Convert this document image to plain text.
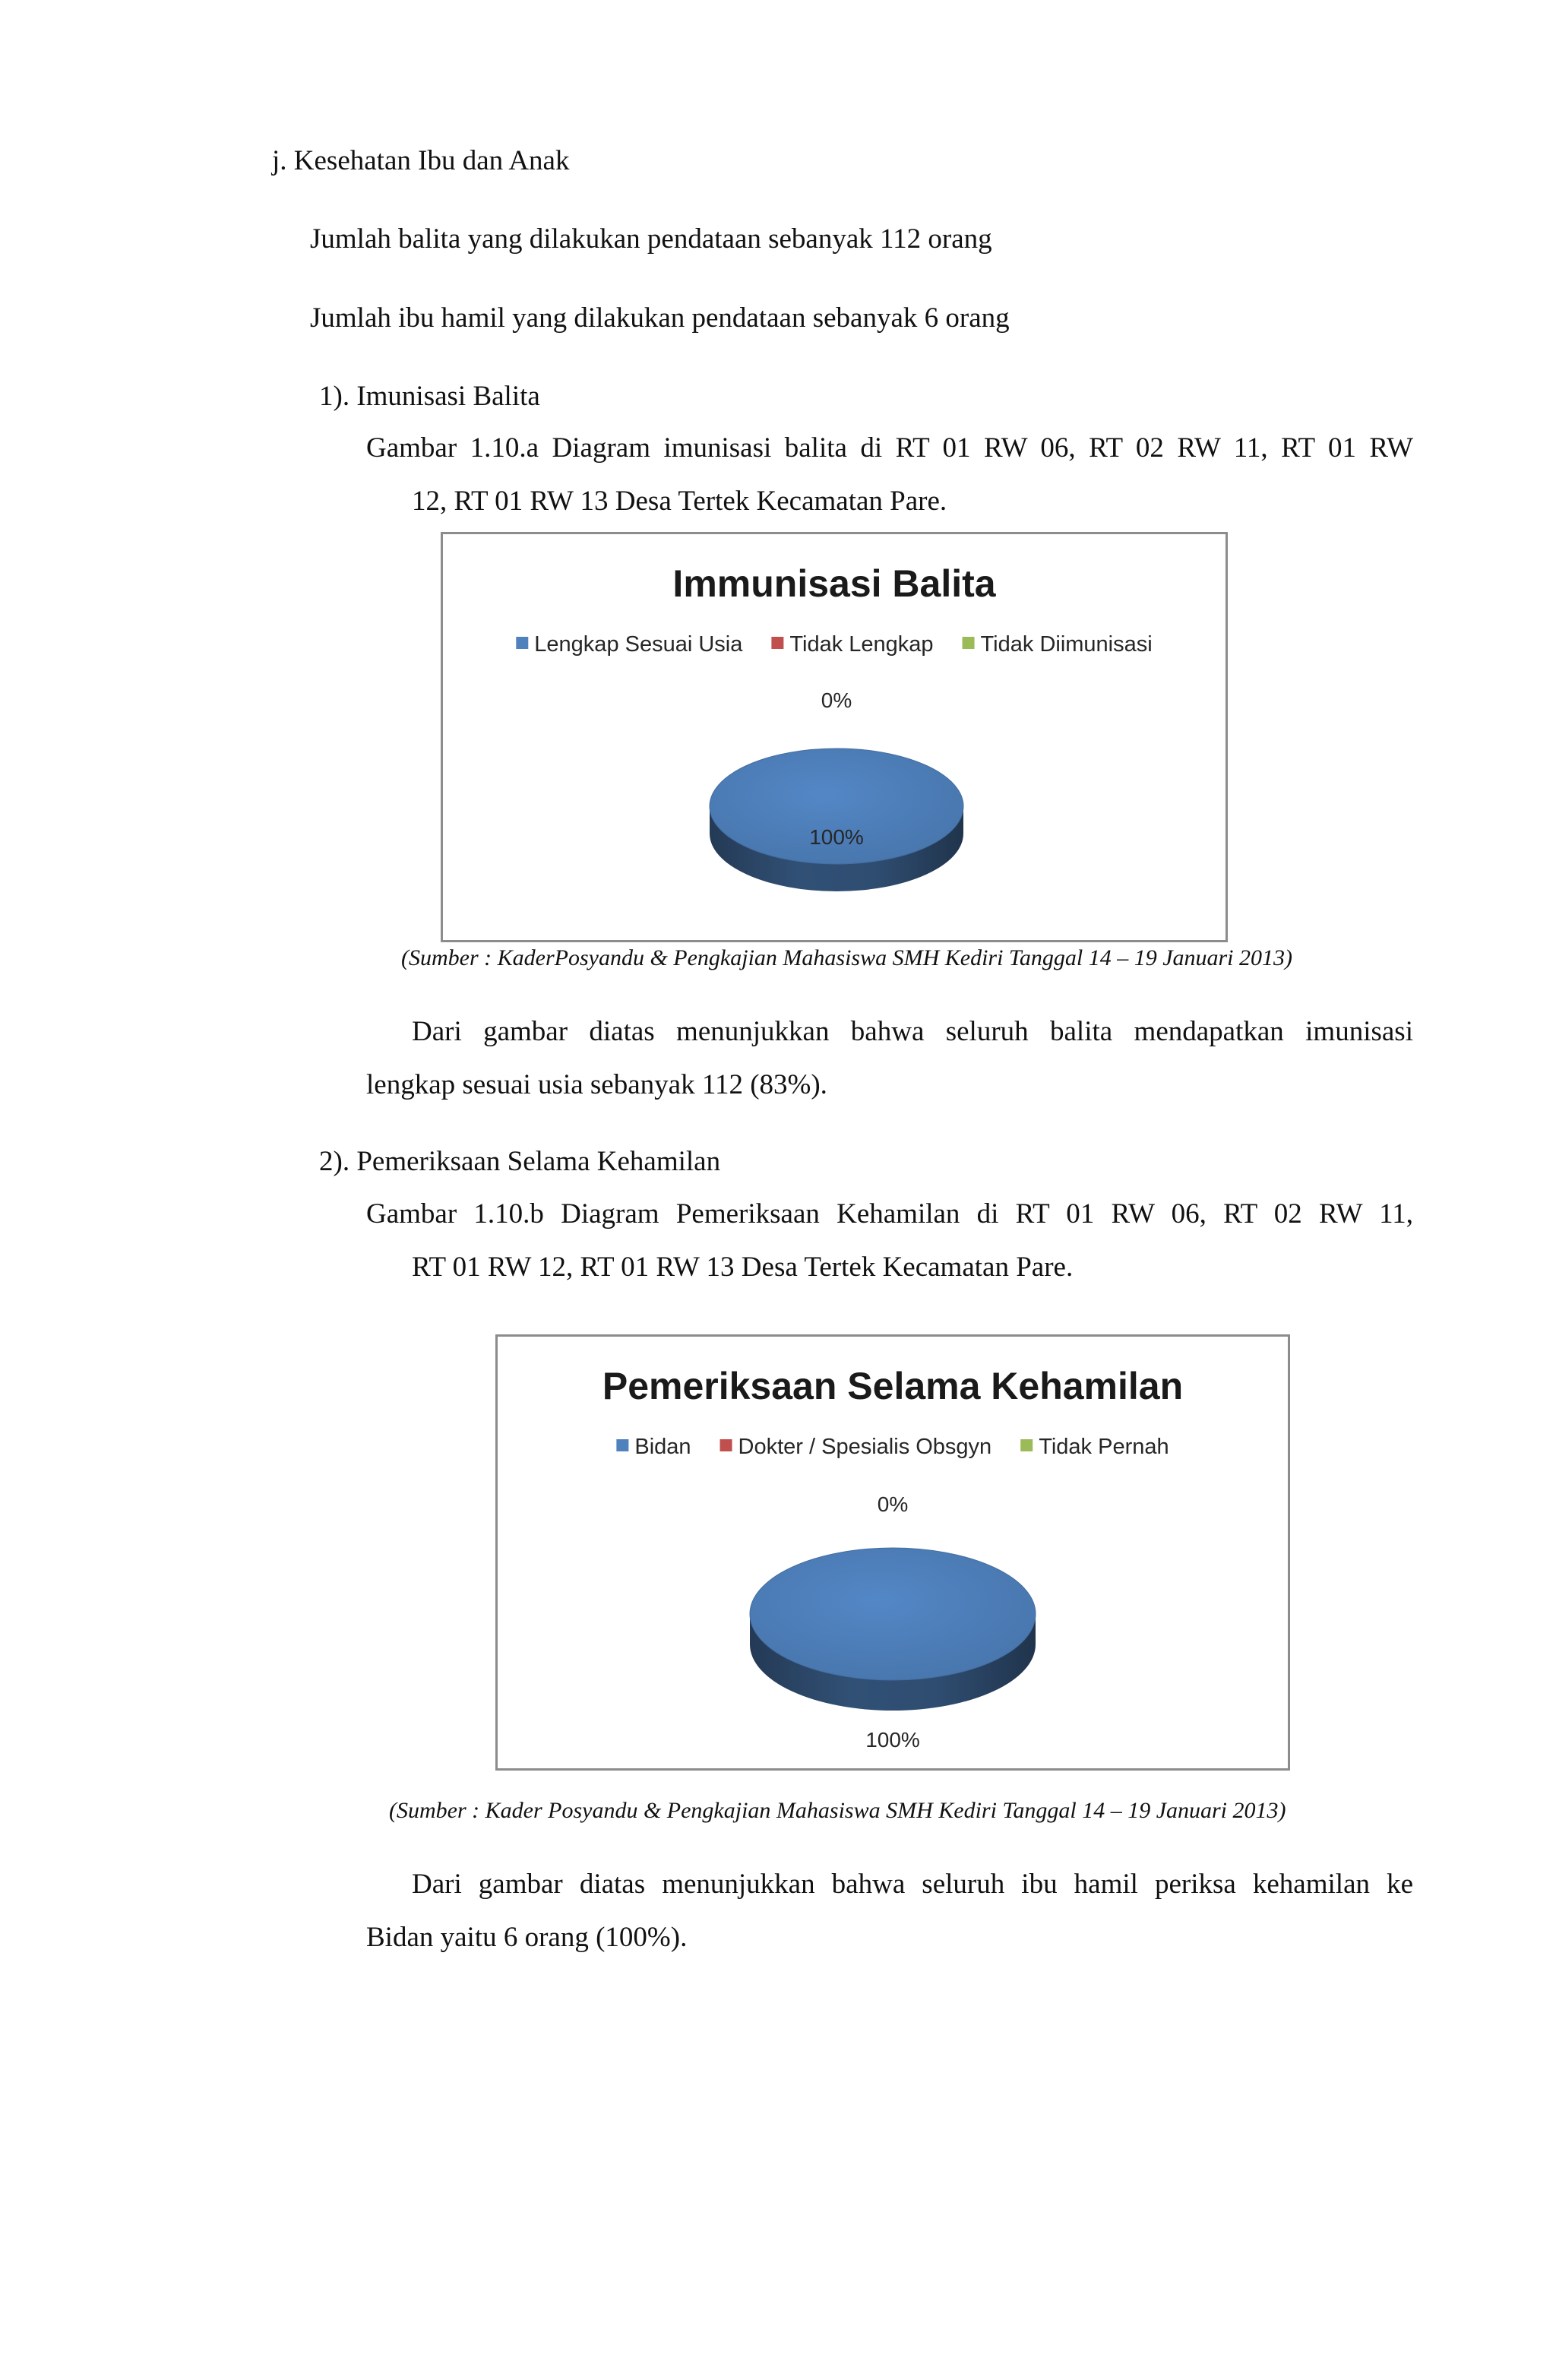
j. Kesehatan Ibu dan Anak
Jumlah balita yang dilakukan pendataan sebanyak 112 orang
Jumlah ibu hamil yang dilakukan pendataan sebanyak 6 orang
1). Imunisasi Balita
Gambar 1.10.a Diagram imunisasi balita di RT 01 RW 06, RT 02 RW 11, RT 01 RW
12, RT 01 RW 13 Desa Tertek Kecamatan Pare.
Immunisasi Balita
Lengkap Sesuai Usia Tidak Lengkap Tidak Diimunisasi
0%
100%
(Sumber : KaderPosyandu & Pengkajian Mahasiswa SMH Kediri Tanggal 14 – 19 Januari 2013)
Dari gambar diatas menunjukkan bahwa seluruh balita mendapatkan imunisasi
lengkap sesuai usia sebanyak 112 (83%).
2). Pemeriksaan Selama Kehamilan
Gambar 1.10.b Diagram Pemeriksaan Kehamilan di RT 01 RW 06, RT 02 RW 11,
RT 01 RW 12, RT 01 RW 13 Desa Tertek Kecamatan Pare.
Pemeriksaan Selama Kehamilan
Bidan Dokter / Spesialis Obsgyn Tidak Pernah
0%
100%
(Sumber : Kader Posyandu & Pengkajian Mahasiswa SMH Kediri Tanggal 14 – 19 Januari 2013)
Dari gambar diatas menunjukkan bahwa seluruh ibu hamil periksa kehamilan ke
Bidan yaitu 6 orang (100%).
